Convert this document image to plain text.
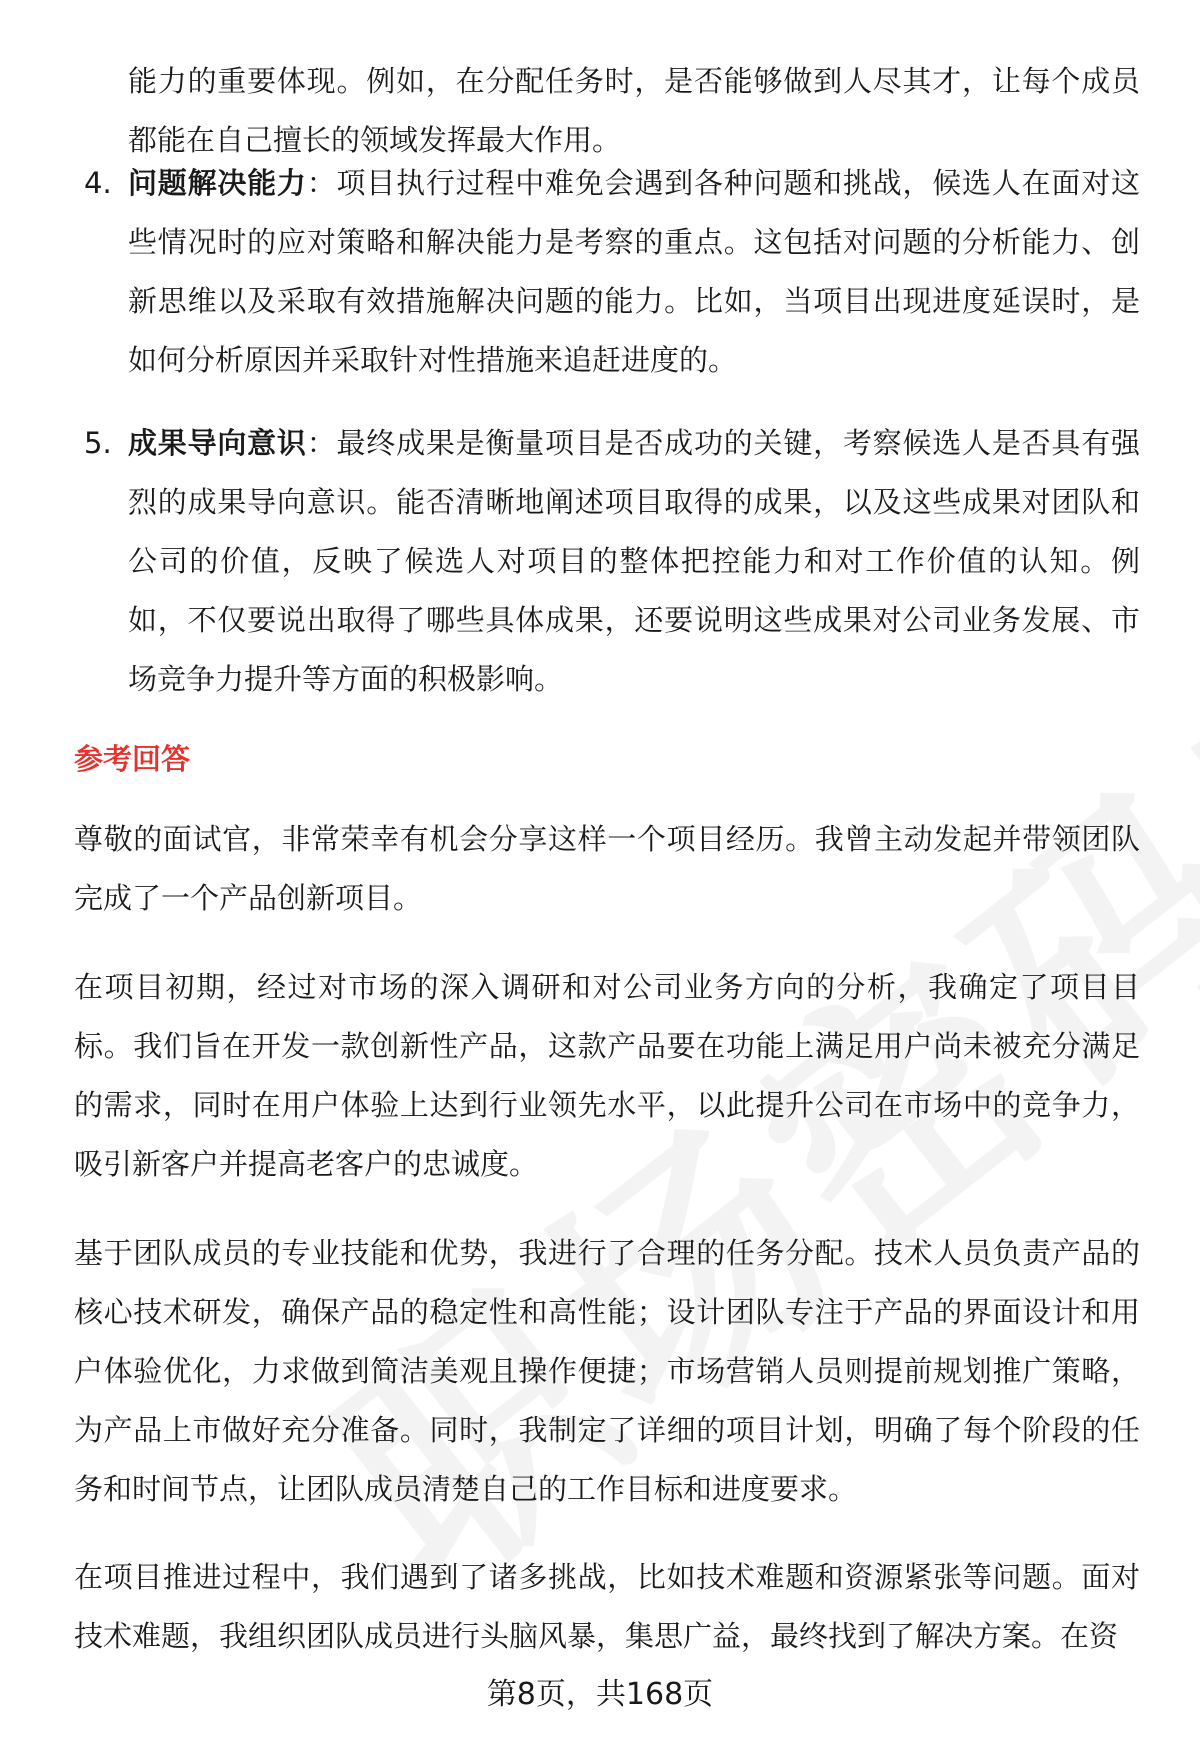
能力的重要体现。例如，在分配任务时，是否能够做到人尽其才，让每个成员都能在自己擅长的领域发挥最大作用。

4. 问题解决能力：项目执行过程中难免会遇到各种问题和挑战，候选人在面对这些情况时的应对策略和解决能力是考察的重点。这包括对问题的分析能力、创新思维以及采取有效措施解决问题的能力。比如，当项目出现进度延误时，是如何分析原因并采取针对性措施来追赶进度的。

5. 成果导向意识：最终成果是衡量项目是否成功的关键，考察候选人是否具有强烈的成果导向意识。能否清晰地阐述项目取得的成果，以及这些成果对团队和公司的价值，反映了候选人对项目的整体把控能力和对工作价值的认知。例如，不仅要说出取得了哪些具体成果，还要说明这些成果对公司业务发展、市场竞争力提升等方面的积极影响。

参考回答

尊敬的面试官，非常荣幸有机会分享这样一个项目经历。我曾主动发起并带领团队完成了一个产品创新项目。

在项目初期，经过对市场的深入调研和对公司业务方向的分析，我确定了项目目标。我们旨在开发一款创新性产品，这款产品要在功能上满足用户尚未被充分满足的需求，同时在用户体验上达到行业领先水平，以此提升公司在市场中的竞争力，吸引新客户并提高老客户的忠诚度。

基于团队成员的专业技能和优势，我进行了合理的任务分配。技术人员负责产品的核心技术研发，确保产品的稳定性和高性能；设计团队专注于产品的界面设计和用户体验优化，力求做到简洁美观且操作便捷；市场营销人员则提前规划推广策略，为产品上市做好充分准备。同时，我制定了详细的项目计划，明确了每个阶段的任务和时间节点，让团队成员清楚自己的工作目标和进度要求。

在项目推进过程中，我们遇到了诸多挑战，比如技术难题和资源紧张等问题。面对技术难题，我组织团队成员进行头脑风暴，集思广益，最终找到了解决方案。在资

第8页，共168页
